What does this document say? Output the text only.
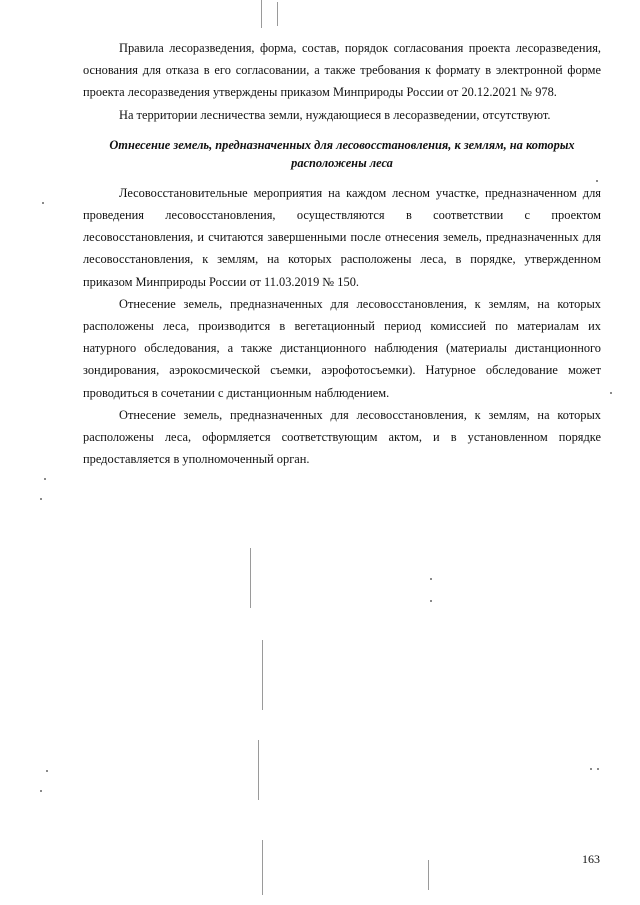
Правила лесоразведения, форма, состав, порядок согласования проекта лесоразведения, основания для отказа в его согласовании, а также требования к формату в электронной форме проекта лесоразведения утверждены приказом Минприроды России от 20.12.2021 № 978.

На территории лесничества земли, нуждающиеся в лесоразведении, отсутствуют.

Отнесение земель, предназначенных для лесовосстановления, к землям, на которых расположены леса

Лесовосстановительные мероприятия на каждом лесном участке, предназначенном для проведения лесовосстановления, осуществляются в соответствии с проектом лесовосстановления, и считаются завершенными после отнесения земель, предназначенных для лесовосстановления, к землям, на которых расположены леса, в порядке, утвержденном приказом Минприроды России от 11.03.2019 № 150.

Отнесение земель, предназначенных для лесовосстановления, к землям, на которых расположены леса, производится в вегетационный период комиссией по материалам их натурного обследования, а также дистанционного наблюдения (материалы дистанционного зондирования, аэрокосмической съемки, аэрофотосъемки). Натурное обследование может проводиться в сочетании с дистанционным наблюдением.

Отнесение земель, предназначенных для лесовосстановления, к землям, на которых расположены леса, оформляется соответствующим актом, и в установленном порядке предоставляется в уполномоченный орган.

163
